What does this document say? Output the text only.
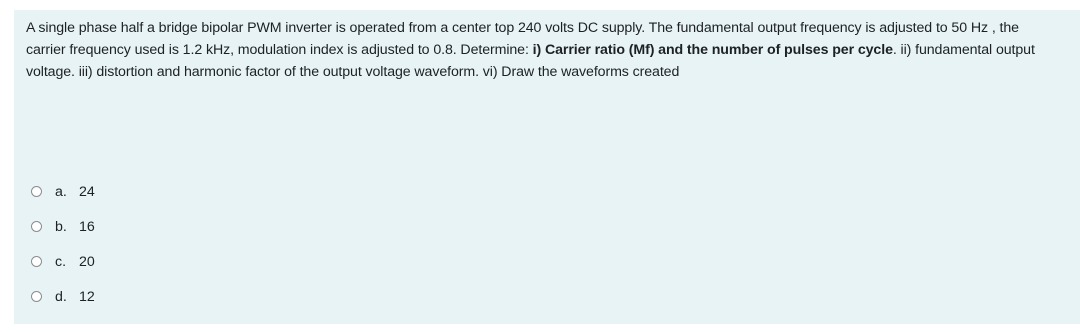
A single phase half a bridge bipolar PWM inverter is operated from a center top 240 volts DC supply. The fundamental output frequency is adjusted to 50 Hz , the carrier frequency used is 1.2 kHz, modulation index is adjusted to 0.8. Determine: i) Carrier ratio (Mf) and the number of pulses per cycle. ii) fundamental output voltage. iii) distortion and harmonic factor of the output voltage waveform. vi) Draw the waveforms created
a. 24
b. 16
c. 20
d. 12
